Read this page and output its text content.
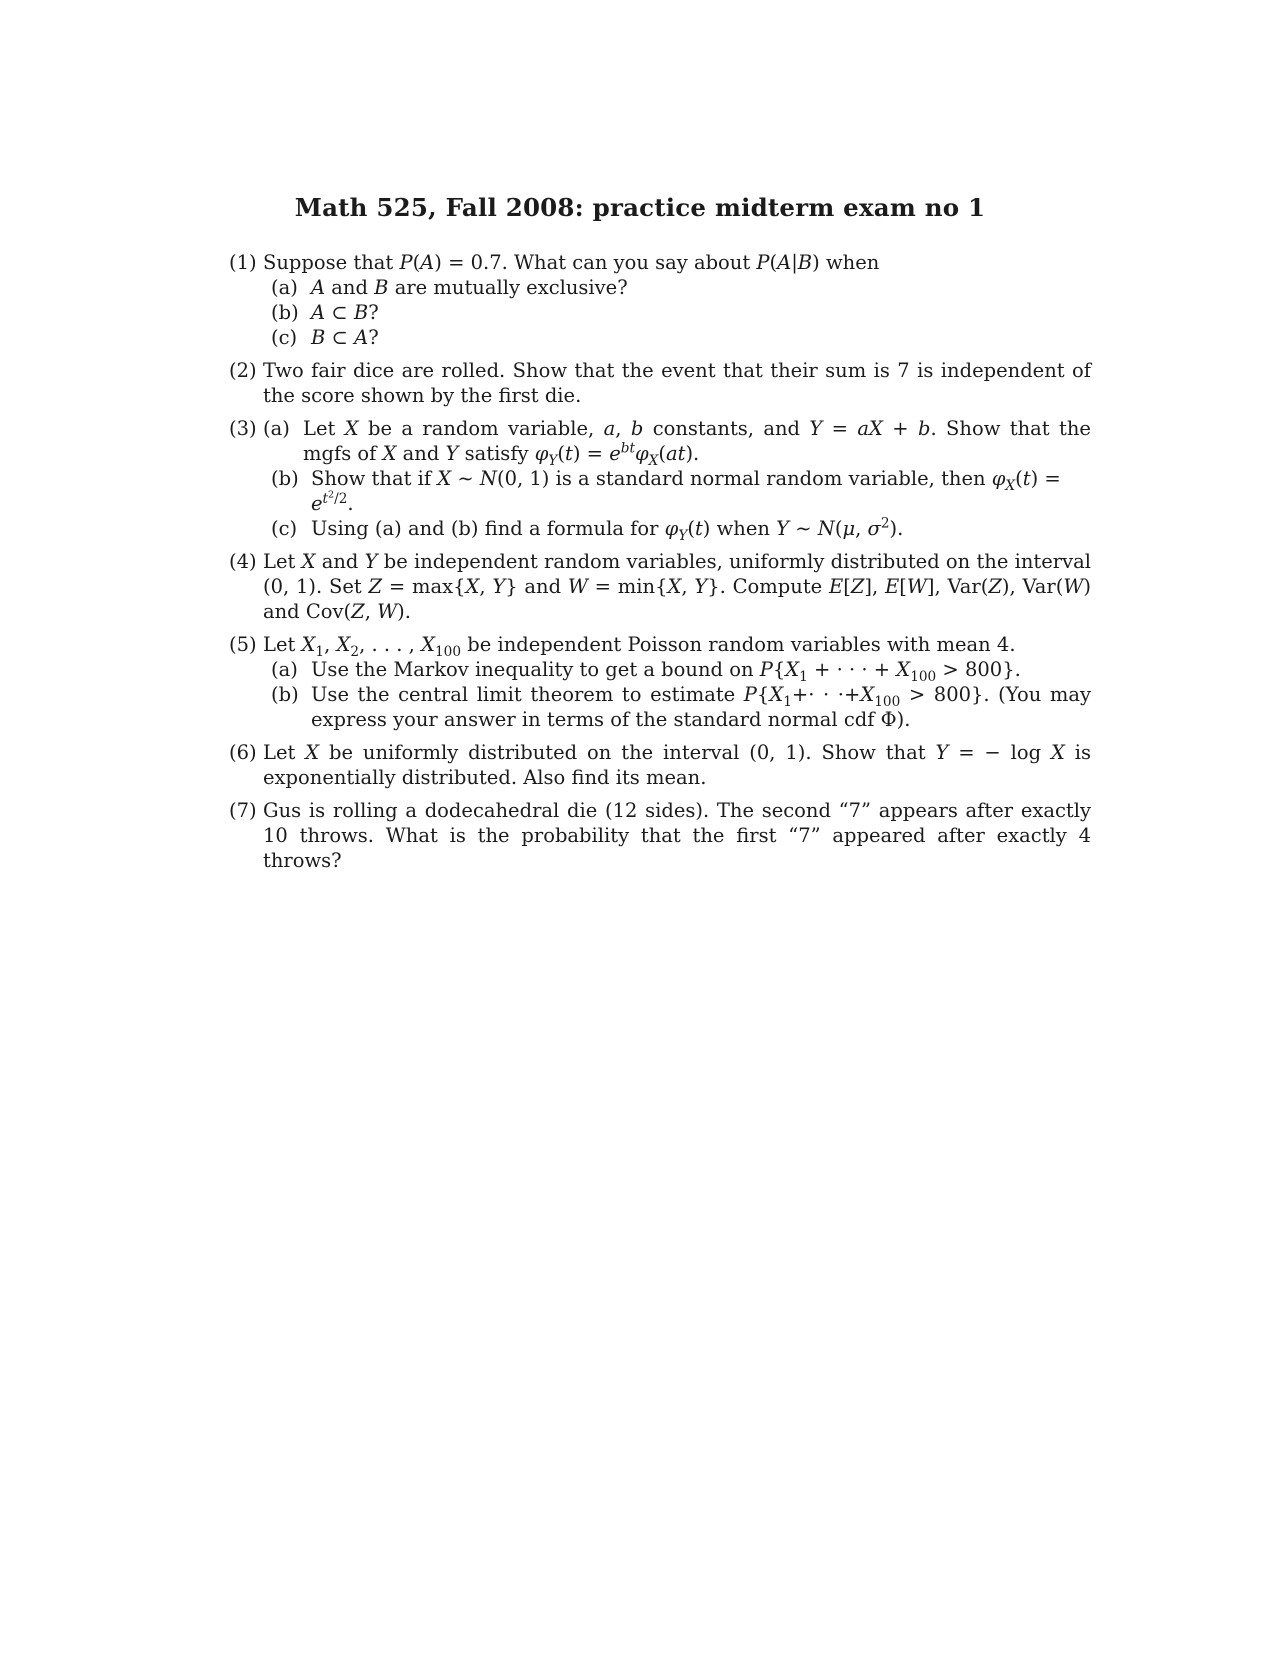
Math 525, Fall 2008: practice midterm exam no 1
(1) Suppose that P(A) = 0.7. What can you say about P(A|B) when
(a) A and B are mutually exclusive?
(b) A ⊂ B?
(c) B ⊂ A?
(2) Two fair dice are rolled. Show that the event that their sum is 7 is independent of the score shown by the first die.
(3) (a) Let X be a random variable, a, b constants, and Y = aX + b. Show that the mgfs of X and Y satisfy $\varphi_Y(t) = e^{bt}\varphi_X(at)$.
(b) Show that if X ∼ N(0, 1) is a standard normal random variable, then $\varphi_X(t) = e^{t^2/2}$.
(c) Using (a) and (b) find a formula for $\varphi_Y(t)$ when Y ∼ N(μ, $\sigma^2$).
(4) Let X and Y be independent random variables, uniformly distributed on the interval (0, 1). Set Z = max{X, Y} and W = min{X, Y}. Compute E[Z], E[W], Var(Z), Var(W) and Cov(Z, W).
(5) Let $X_1$, $X_2$, . . . , $X_{100}$ be independent Poisson random variables with mean 4.
(a) Use the Markov inequality to get a bound on $P\{X_1$ + · · · + $X_{100} > 800$}.
(b) Use the central limit theorem to estimate $P\{X_1+\cdot \cdot \cdot+X_{100} > 800\}$. (You may express your answer in terms of the standard normal cdf Φ).
(6) Let X be uniformly distributed on the interval (0, 1). Show that Y = − log X is exponentially distributed. Also find its mean.
(7) Gus is rolling a dodecahedral die (12 sides). The second “7” appears after exactly 10 throws. What is the probability that the first “7” appeared after exactly 4 throws?
